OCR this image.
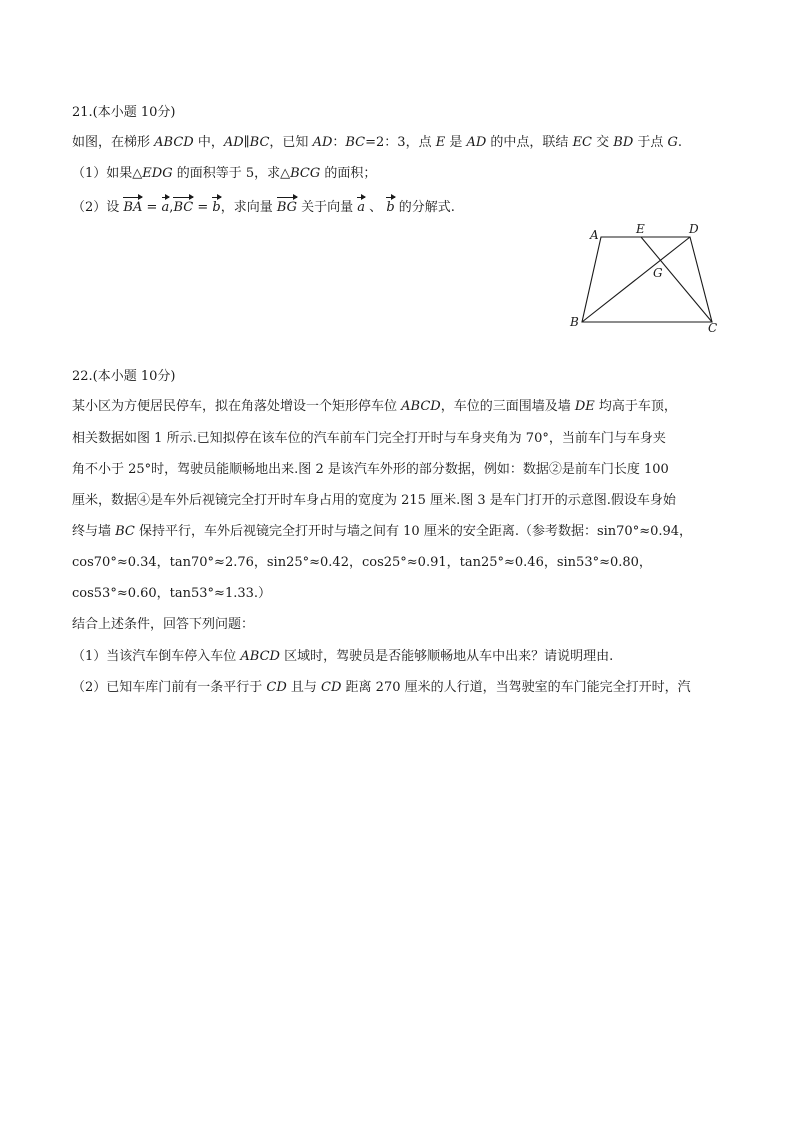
21.(本小题 10分)
如图，在梯形 ABCD 中，AD∥BC，已知 AD：BC=2：3，点 E 是 AD 的中点，联结 EC 交 BD 于点 G.
（1）如果△EDG 的面积等于 5，求△BCG 的面积；
（2）设 BA = a,BC = b，求向量 BG 关于向量 a 、 b 的分解式.
A	E	D
G
B	C
22.(本小题 10分)
某小区为方便居民停车，拟在角落处增设一个矩形停车位 ABCD，车位的三面围墙及墙 DE 均高于车顶，
相关数据如图 1 所示.已知拟停在该车位的汽车前车门完全打开时与车身夹角为 70°，当前车门与车身夹
角不小于 25°时，驾驶员能顺畅地出来.图 2 是该汽车外形的部分数据，例如：数据②是前车门长度 100
厘米，数据④是车外后视镜完全打开时车身占用的宽度为 215 厘米.图 3 是车门打开的示意图.假设车身始
终与墙 BC 保持平行，车外后视镜完全打开时与墙之间有 10 厘米的安全距离.（参考数据：sin70°≈0.94，
cos70°≈0.34，tan70°≈2.76，sin25°≈0.42，cos25°≈0.91，tan25°≈0.46，sin53°≈0.80，
cos53°≈0.60，tan53°≈1.33.）
结合上述条件，回答下列问题：
（1）当该汽车倒车停入车位 ABCD 区域时，驾驶员是否能够顺畅地从车中出来？请说明理由.
（2）已知车库门前有一条平行于 CD 且与 CD 距离 270 厘米的人行道，当驾驶室的车门能完全打开时，汽
